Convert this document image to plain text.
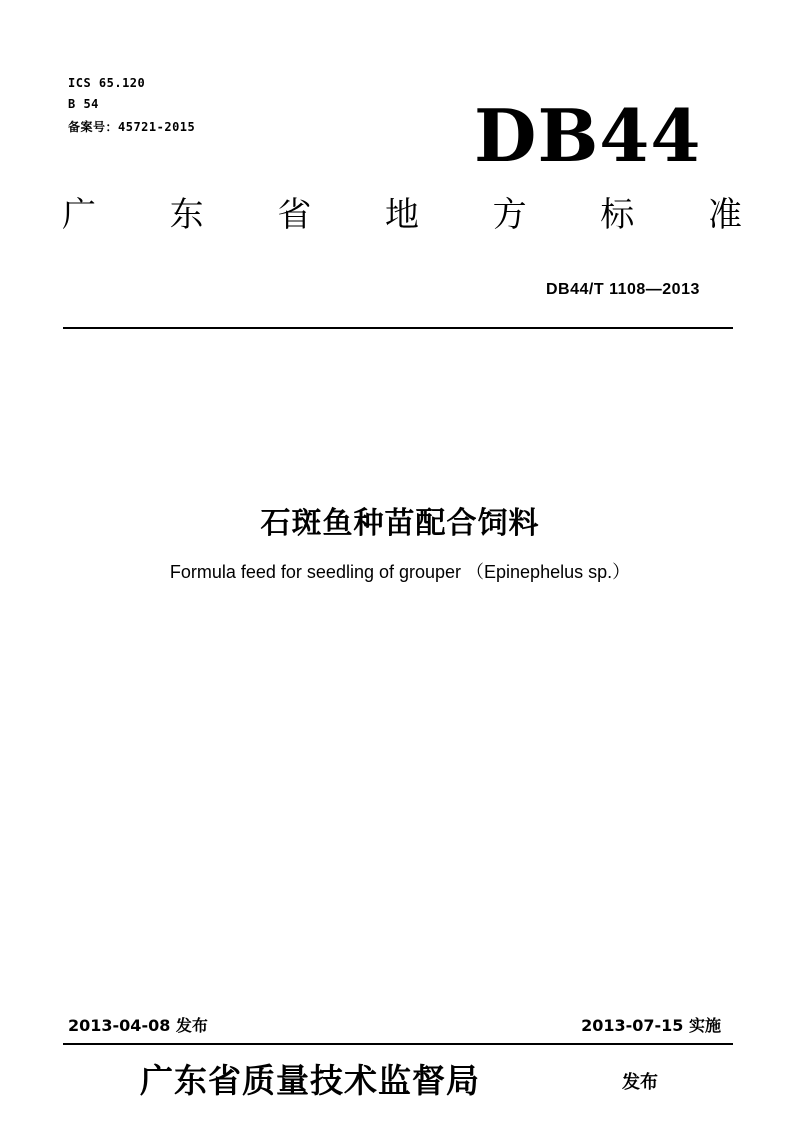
ICS 65.120
B 54
备案号：45721-2015	DB44
广 东 省 地 方 标 准
DB44/T 1108—2013
石斑鱼种苗配合饲料
Formula feed for seedling of grouper （Epinephelus sp.）
2013-04-08 发布	2013-07-15 实施
广东省质量技术监督局	发布
